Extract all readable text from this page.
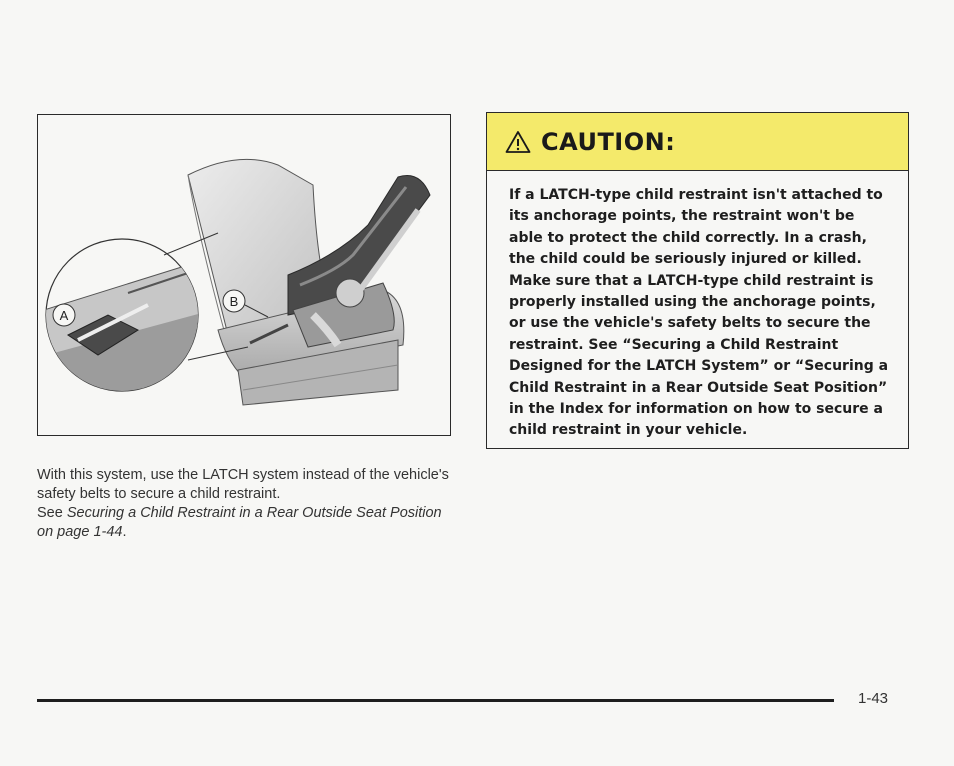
A
B

With this system, use the LATCH system instead of the vehicle's safety belts to secure a child restraint.

See Securing a Child Restraint in a Rear Outside Seat Position on page 1-44.

CAUTION:
If a LATCH-type child restraint isn't attached to its anchorage points, the restraint won't be able to protect the child correctly. In a crash, the child could be seriously injured or killed. Make sure that a LATCH-type child restraint is properly installed using the anchorage points, or use the vehicle's safety belts to secure the restraint. See “Securing a Child Restraint Designed for the LATCH System” or “Securing a Child Restraint in a Rear Outside Seat Position” in the Index for information on how to secure a child restraint in your vehicle.
1-43
